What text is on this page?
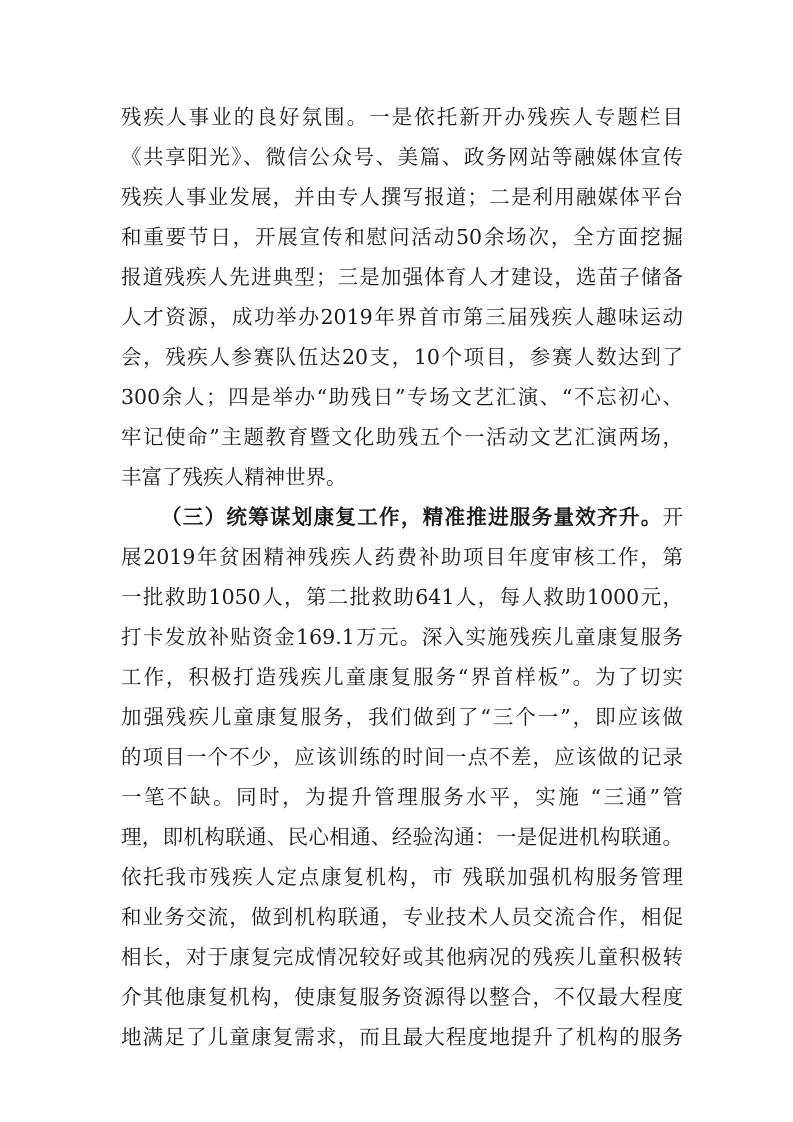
残疾人事业的良好氛围。一是依托新开办残疾人专题栏目
《共享阳光》、微信公众号、美篇、政务网站等融媒体宣传
残疾人事业发展，并由专人撰写报道；二是利用融媒体平台
和重要节日，开展宣传和慰问活动50余场次，全方面挖掘
报道残疾人先进典型；三是加强体育人才建设，选苗子储备
人才资源，成功举办2019年界首市第三届残疾人趣味运动
会，残疾人参赛队伍达20支，10个项目，参赛人数达到了
300余人；四是举办“助残日”专场文艺汇演、“不忘初心、
牢记使命”主题教育暨文化助残五个一活动文艺汇演两场，
丰富了残疾人精神世界。
（三）统筹谋划康复工作，精准推进服务量效齐升。开
展2019年贫困精神残疾人药费补助项目年度审核工作，第
一批救助1050人，第二批救助641人，每人救助1000元，
打卡发放补贴资金169.1万元。深入实施残疾儿童康复服务
工作，积极打造残疾儿童康复服务“界首样板”。为了切实
加强残疾儿童康复服务，我们做到了“三个一”，即应该做
的项目一个不少，应该训练的时间一点不差，应该做的记录
一笔不缺。同时，为提升管理服务水平，实施 “三通”管
理，即机构联通、民心相通、经验沟通：一是促进机构联通。
依托我市残疾人定点康复机构，市 残联加强机构服务管理
和业务交流，做到机构联通，专业技术人员交流合作，相促
相长，对于康复完成情况较好或其他病况的残疾儿童积极转
介其他康复机构，使康复服务资源得以整合，不仅最大程度
地满足了儿童康复需求，而且最大程度地提升了机构的服务
